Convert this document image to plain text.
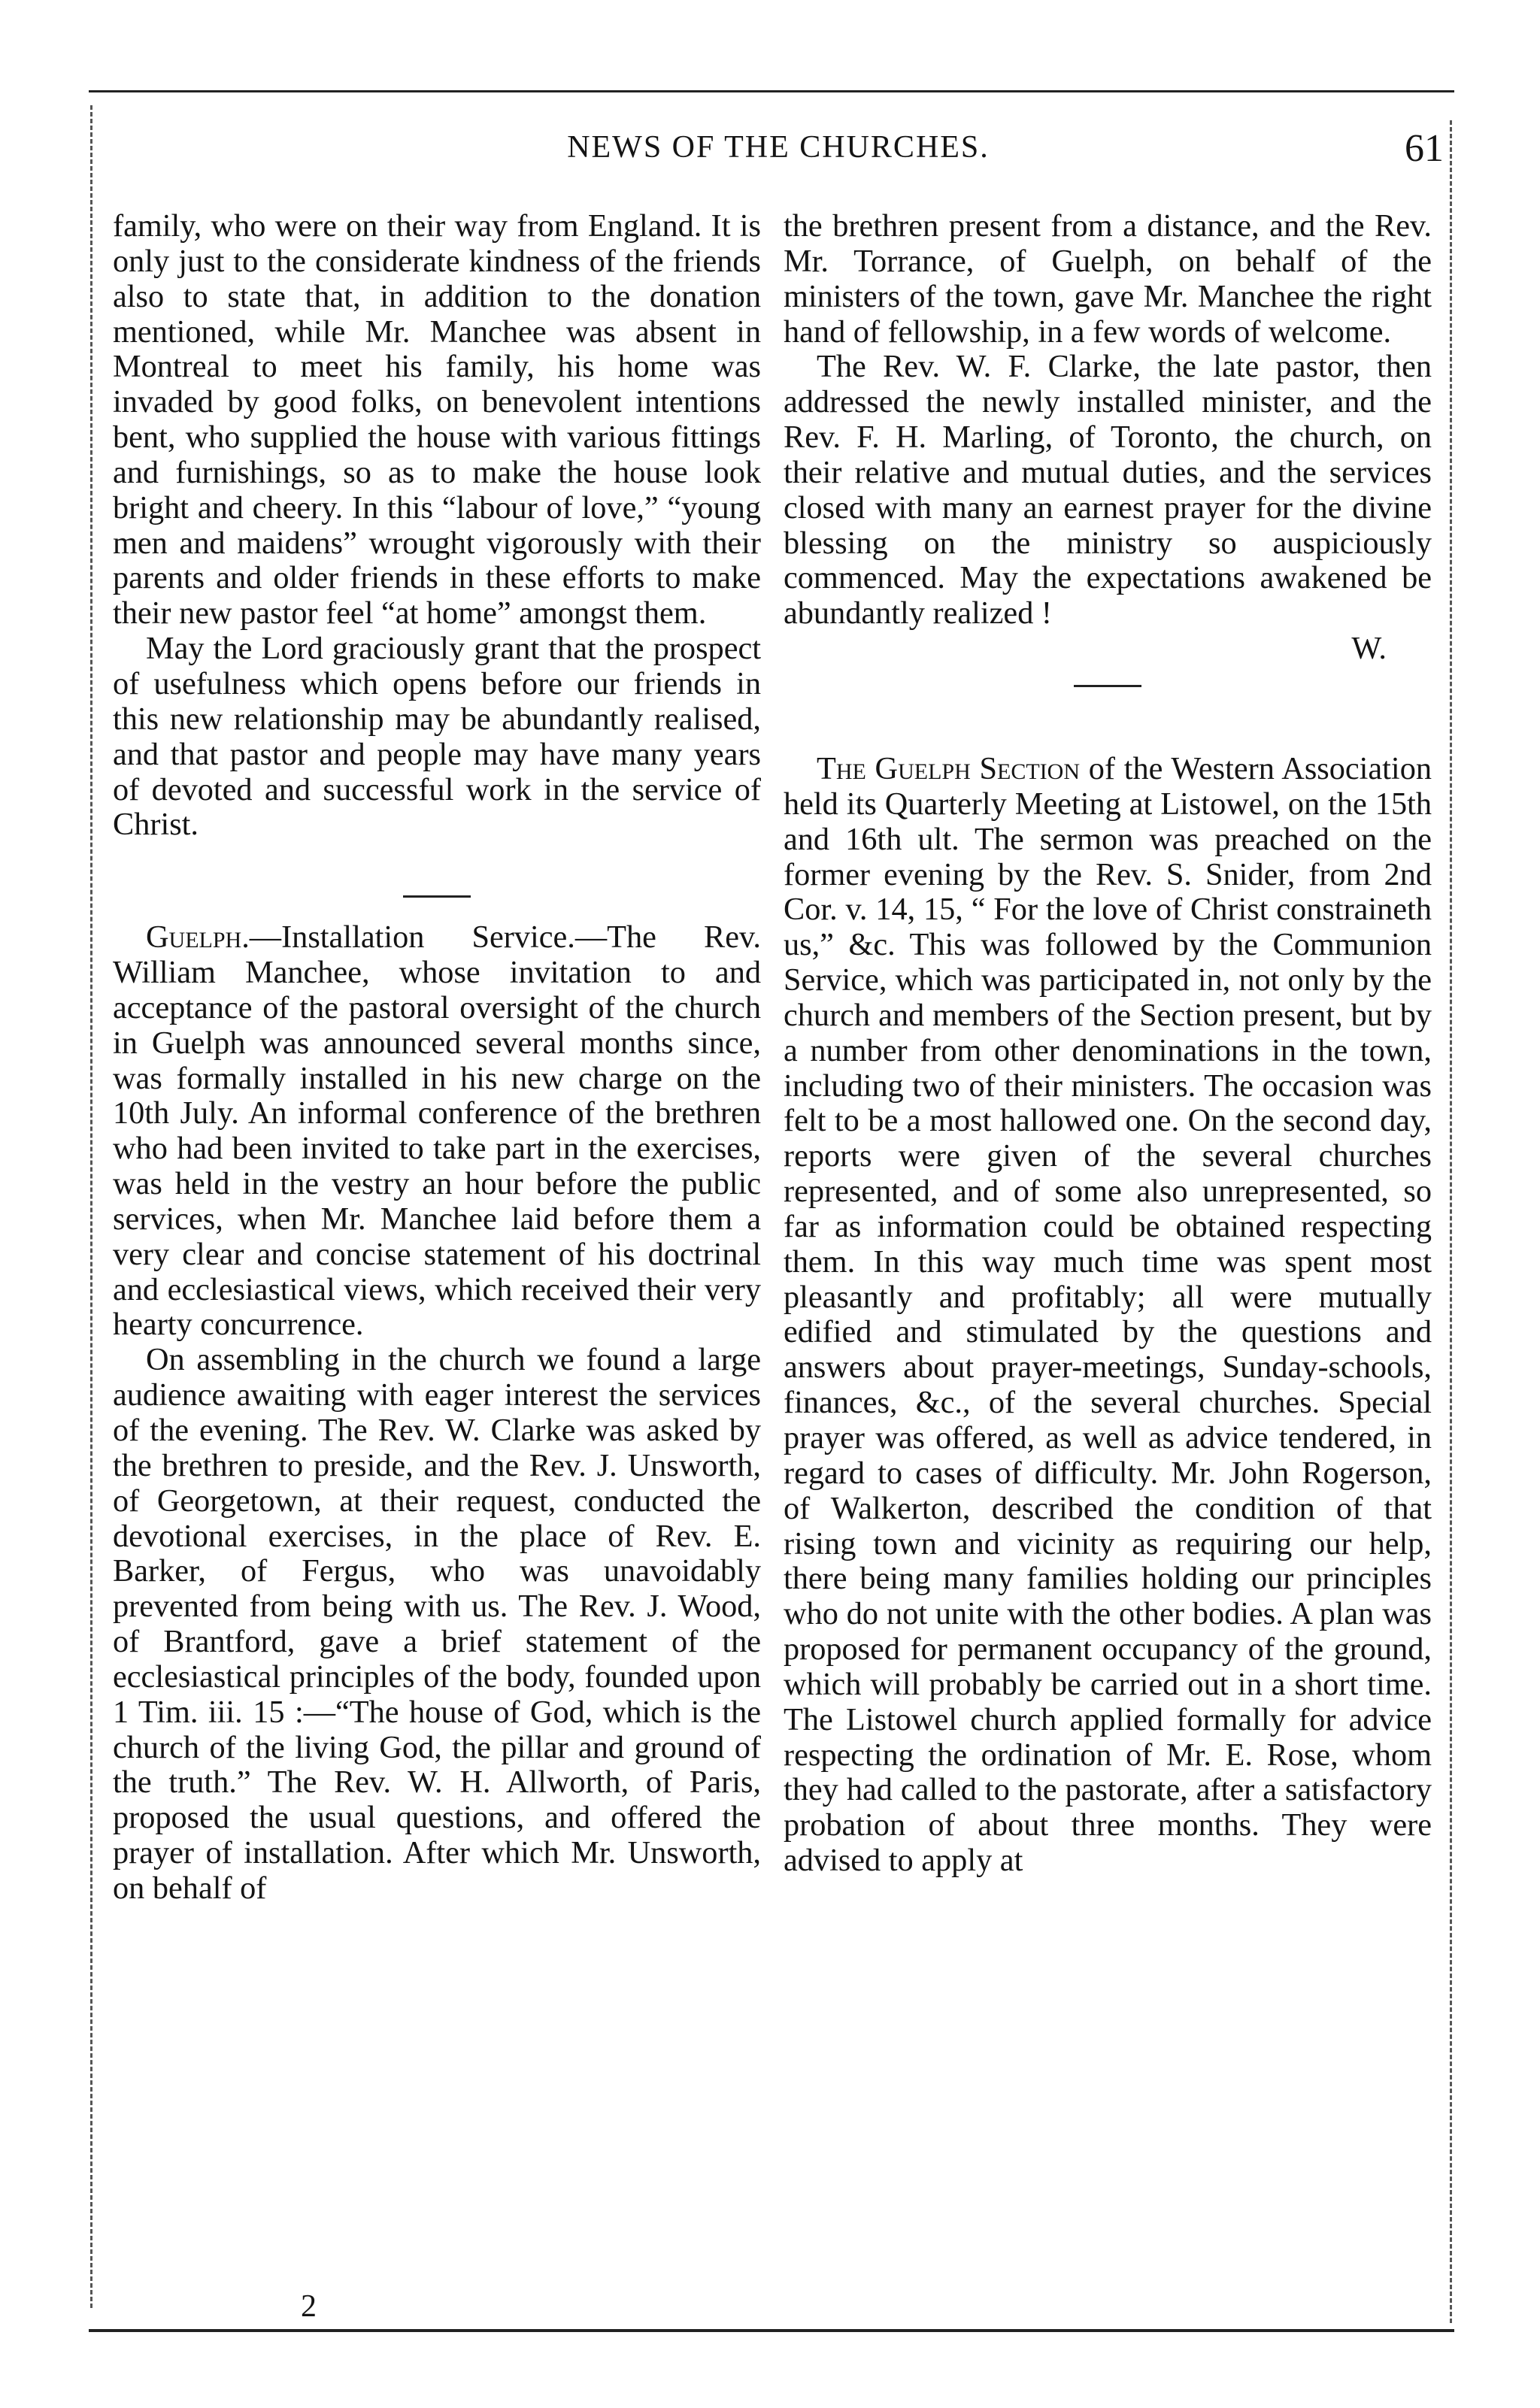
NEWS OF THE CHURCHES.	61

family, who were on their way from England. It is only just to the considerate kindness of the friends also to state that, in addition to the donation mentioned, while Mr. Manchee was absent in Montreal to meet his family, his home was invaded by good folks, on benevolent intentions bent, who supplied the house with various fittings and furnishings, so as to make the house look bright and cheery. In this “labour of love,” “young men and maidens” wrought vigorously with their parents and older friends in these efforts to make their new pastor feel “at home” amongst them.

May the Lord graciously grant that the prospect of usefulness which opens before our friends in this new relationship may be abundantly realised, and that pastor and people may have many years of devoted and successful work in the service of Christ.

Guelph.—Installation Service.—The Rev. William Manchee, whose invitation to and acceptance of the pastoral oversight of the church in Guelph was announced several months since, was formally installed in his new charge on the 10th July. An informal conference of the brethren who had been invited to take part in the exercises, was held in the vestry an hour before the public services, when Mr. Manchee laid before them a very clear and concise statement of his doctrinal and ecclesiastical views, which received their very hearty concurrence.

On assembling in the church we found a large audience awaiting with eager interest the services of the evening. The Rev. W. Clarke was asked by the brethren to preside, and the Rev. J. Unsworth, of Georgetown, at their request, conducted the devotional exercises, in the place of Rev. E. Barker, of Fergus, who was unavoidably prevented from being with us. The Rev. J. Wood, of Brantford, gave a brief statement of the ecclesiastical principles of the body, founded upon 1 Tim. iii. 15 :—“The house of God, which is the church of the living God, the pillar and ground of the truth.” The Rev. W. H. Allworth, of Paris, proposed the usual questions, and offered the prayer of installation. After which Mr. Unsworth, on behalf of

the brethren present from a distance, and the Rev. Mr. Torrance, of Guelph, on behalf of the ministers of the town, gave Mr. Manchee the right hand of fellowship, in a few words of welcome.

The Rev. W. F. Clarke, the late pastor, then addressed the newly installed minister, and the Rev. F. H. Marling, of Toronto, the church, on their relative and mutual duties, and the services closed with many an earnest prayer for the divine blessing on the ministry so auspiciously commenced. May the expectations awakened be abundantly realized !

W.

The Guelph Section of the Western Association held its Quarterly Meeting at Listowel, on the 15th and 16th ult. The sermon was preached on the former evening by the Rev. S. Snider, from 2nd Cor. v. 14, 15, “ For the love of Christ constraineth us,” &c. This was followed by the Communion Service, which was participated in, not only by the church and members of the Section present, but by a number from other denominations in the town, including two of their ministers. The occasion was felt to be a most hallowed one. On the second day, reports were given of the several churches represented, and of some also unrepresented, so far as information could be obtained respecting them. In this way much time was spent most pleasantly and profitably; all were mutually edified and stimulated by the questions and answers about prayer-meetings, Sunday-schools, finances, &c., of the several churches. Special prayer was offered, as well as advice tendered, in regard to cases of difficulty. Mr. John Rogerson, of Walkerton, described the condition of that rising town and vicinity as requiring our help, there being many families holding our principles who do not unite with the other bodies. A plan was proposed for permanent occupancy of the ground, which will probably be carried out in a short time. The Listowel church applied formally for advice respecting the ordination of Mr. E. Rose, whom they had called to the pastorate, after a satisfactory probation of about three months. They were advised to apply at

2
